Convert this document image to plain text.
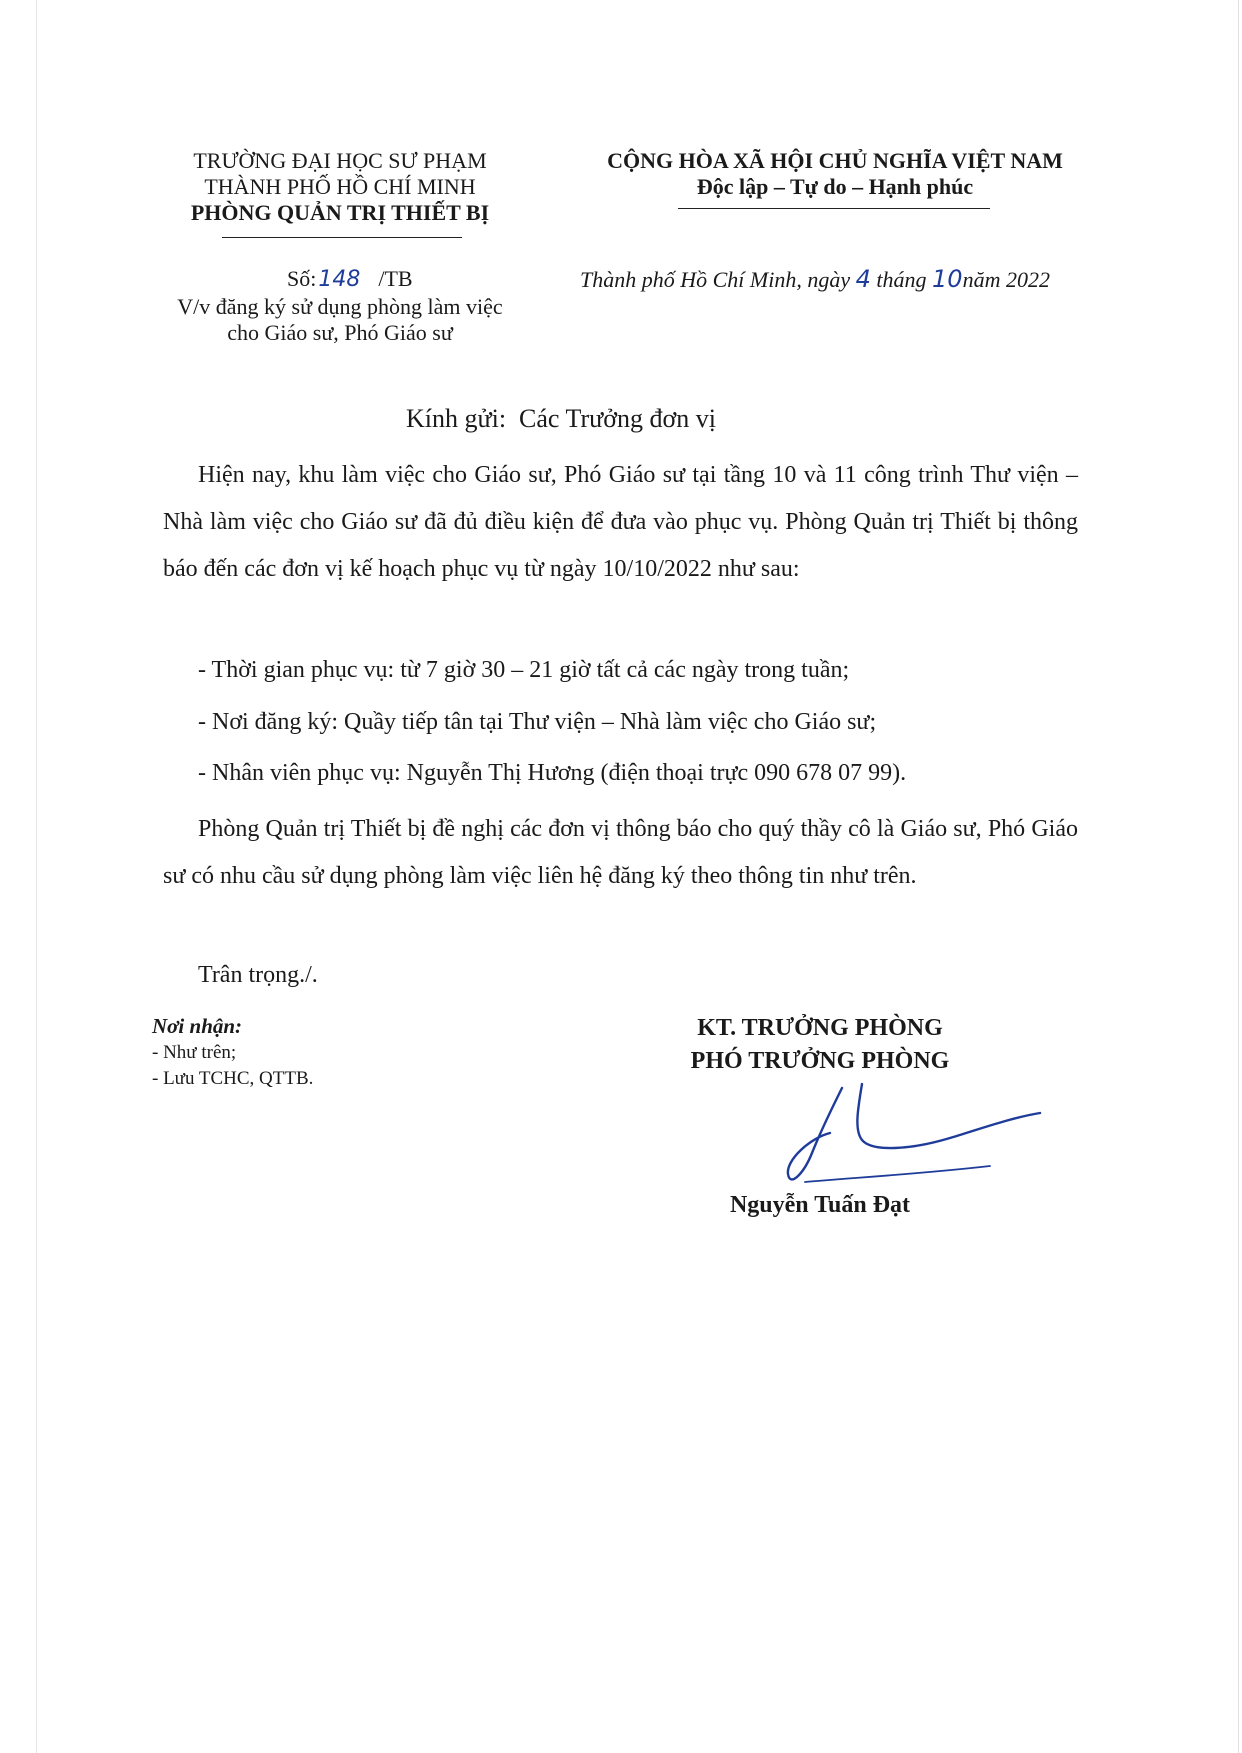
TRƯỜNG ĐẠI HỌC SƯ PHẠM
THÀNH PHỐ HỒ CHÍ MINH
PHÒNG QUẢN TRỊ THIẾT BỊ
CỘNG HÒA XÃ HỘI CHỦ NGHĨA VIỆT NAM
Độc lập – Tự do – Hạnh phúc
Số:148 /TB
V/v đăng ký sử dụng phòng làm việc
cho Giáo sư, Phó Giáo sư
Thành phố Hồ Chí Minh, ngày 4 tháng 10năm 2022
Kính gửi: Các Trưởng đơn vị
Hiện nay, khu làm việc cho Giáo sư, Phó Giáo sư tại tầng 10 và 11 công trình Thư viện – Nhà làm việc cho Giáo sư đã đủ điều kiện để đưa vào phục vụ. Phòng Quản trị Thiết bị thông báo đến các đơn vị kế hoạch phục vụ từ ngày 10/10/2022 như sau:
- Thời gian phục vụ: từ 7 giờ 30 – 21 giờ tất cả các ngày trong tuần;
- Nơi đăng ký: Quầy tiếp tân tại Thư viện – Nhà làm việc cho Giáo sư;
- Nhân viên phục vụ: Nguyễn Thị Hương (điện thoại trực 090 678 07 99).
Phòng Quản trị Thiết bị đề nghị các đơn vị thông báo cho quý thầy cô là Giáo sư, Phó Giáo sư có nhu cầu sử dụng phòng làm việc liên hệ đăng ký theo thông tin như trên.
Trân trọng./.
Nơi nhận:
- Như trên;
- Lưu TCHC, QTTB.
KT. TRƯỞNG PHÒNG
PHÓ TRƯỞNG PHÒNG
Nguyễn Tuấn Đạt
